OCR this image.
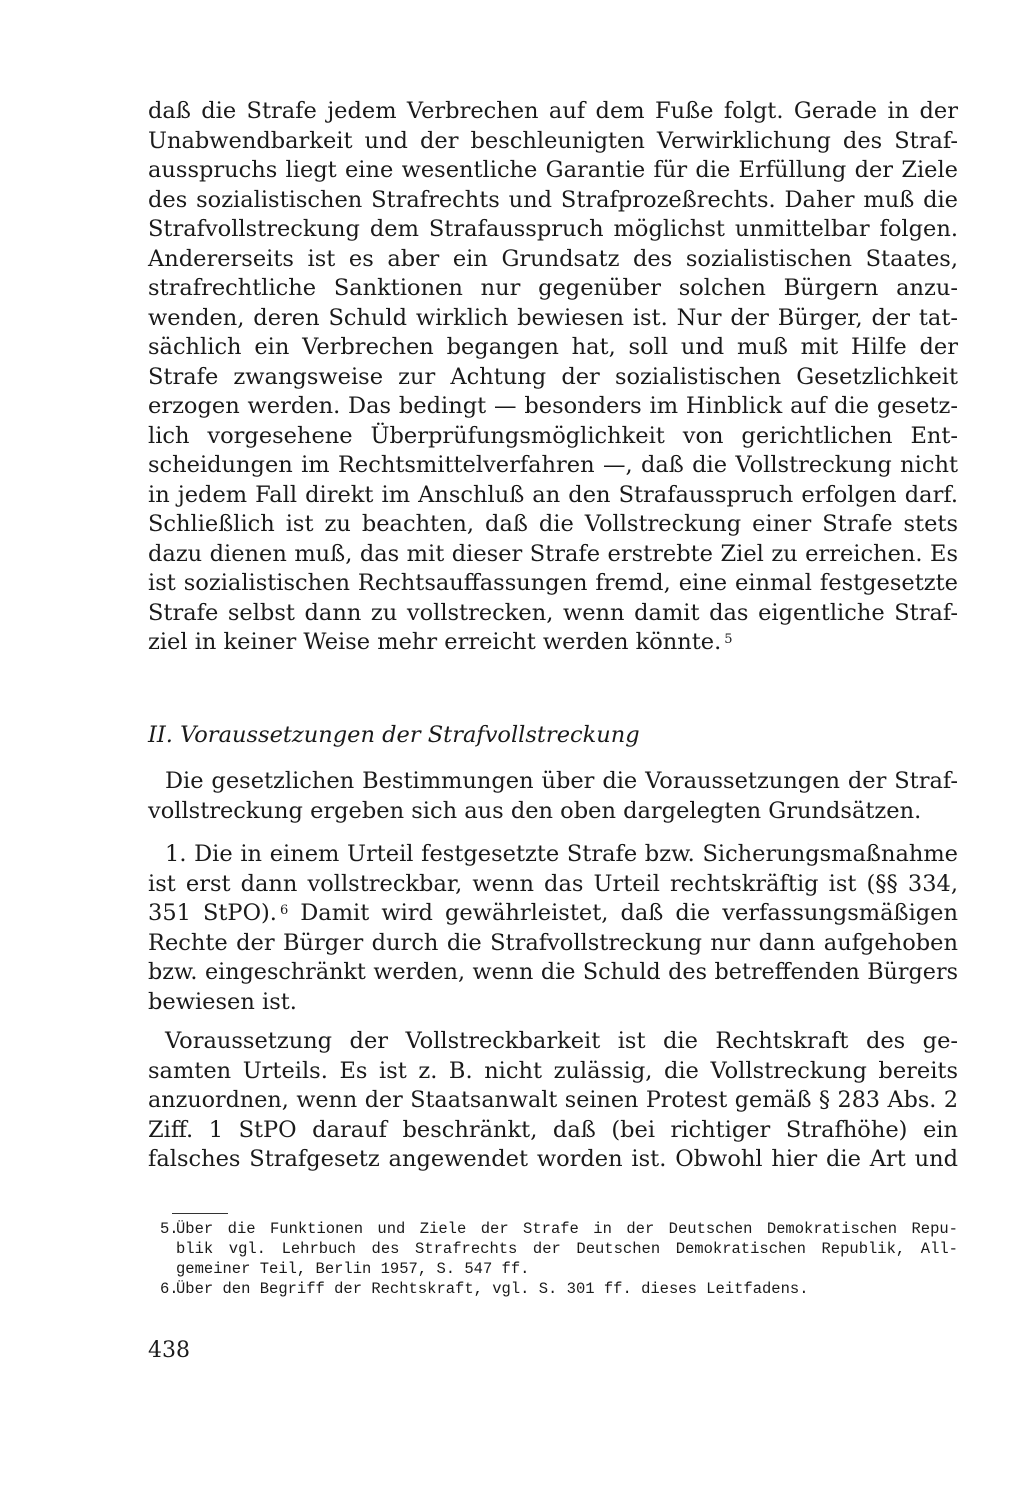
daß die Strafe jedem Verbrechen auf dem Fuße folgt. Gerade in der
Unabwendbarkeit und der beschleunigten Verwirklichung des Straf-
ausspruchs liegt eine wesentliche Garantie für die Erfüllung der Ziele
des sozialistischen Strafrechts und Strafprozeßrechts. Daher muß die
Strafvollstreckung dem Strafausspruch möglichst unmittelbar folgen.
Andererseits ist es aber ein Grundsatz des sozialistischen Staates,
strafrechtliche Sanktionen nur gegenüber solchen Bürgern anzu-
wenden, deren Schuld wirklich bewiesen ist. Nur der Bürger, der tat-
sächlich ein Verbrechen begangen hat, soll und muß mit Hilfe der
Strafe zwangsweise zur Achtung der sozialistischen Gesetzlichkeit
erzogen werden. Das bedingt — besonders im Hinblick auf die gesetz-
lich vorgesehene Überprüfungsmöglichkeit von gerichtlichen Ent-
scheidungen im Rechtsmittelverfahren —, daß die Vollstreckung nicht
in jedem Fall direkt im Anschluß an den Strafausspruch erfolgen darf.
Schließlich ist zu beachten, daß die Vollstreckung einer Strafe stets
dazu dienen muß, das mit dieser Strafe erstrebte Ziel zu erreichen. Es
ist sozialistischen Rechtsauffassungen fremd, eine einmal festgesetzte
Strafe selbst dann zu vollstrecken, wenn damit das eigentliche Straf-
ziel in keiner Weise mehr erreicht werden könnte. $^5$
II. Voraussetzungen der Strafvollstreckung
Die gesetzlichen Bestimmungen über die Voraussetzungen der Straf-
vollstreckung ergeben sich aus den oben dargelegten Grundsätzen.
1. Die in einem Urteil festgesetzte Strafe bzw. Sicherungsmaßnahme
ist erst dann vollstreckbar, wenn das Urteil rechtskräftig ist (§§ 334,
351 StPO). $^6$ Damit wird gewährleistet, daß die verfassungsmäßigen
Rechte der Bürger durch die Strafvollstreckung nur dann aufgehoben
bzw. eingeschränkt werden, wenn die Schuld des betreffenden Bürgers
bewiesen ist.
Voraussetzung der Vollstreckbarkeit ist die Rechtskraft des ge-
samten Urteils. Es ist z. B. nicht zulässig, die Vollstreckung bereits
anzuordnen, wenn der Staatsanwalt seinen Protest gemäß § 283 Abs. 2
Ziff. 1 StPO darauf beschränkt, daß (bei richtiger Strafhöhe) ein
falsches Strafgesetz angewendet worden ist. Obwohl hier die Art und
5.Über die Funktionen und Ziele der Strafe in der Deutschen Demokratischen Repu-
blik vgl. Lehrbuch des Strafrechts der Deutschen Demokratischen Republik, All-
gemeiner Teil, Berlin 1957, S. 547 ff.
6.Über den Begriff der Rechtskraft, vgl. S. 301 ff. dieses Leitfadens.
438
